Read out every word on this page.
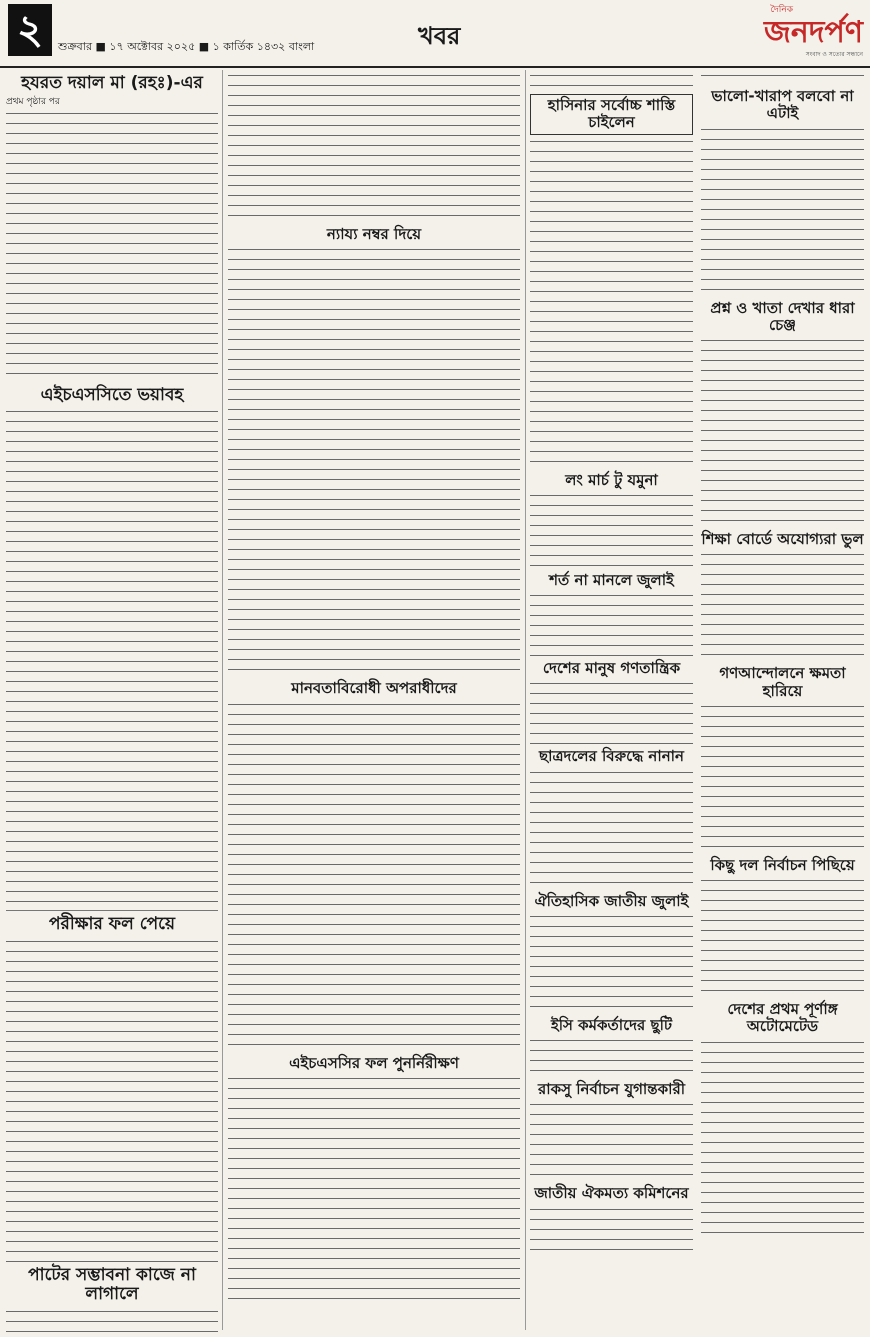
২	শুক্রবার ■ ১৭ অক্টোবর ২০২৫ ■ ১ কার্তিক ১৪৩২ বাংলা	খবর
দৈনিক
জনদর্পণ
সংবাদ ও সত্যের সন্ধানে
হযরত দয়াল মা (রহঃ)-এর
প্রথম পৃষ্ঠার পর
এইচএসসিতে ভয়াবহ
পরীক্ষার ফল পেয়ে
পাটের সম্ভাবনা কাজে না লাগালে
ন্যায্য নম্বর দিয়ে
মানবতাবিরোধী অপরাধীদের
এইচএসসির ফল পুনর্নিরীক্ষণ
হাসিনার সর্বোচ্চ শাস্তি চাইলেন
লং মার্চ টু যমুনা
শর্ত না মানলে জুলাই
দেশের মানুষ গণতান্ত্রিক
ছাত্রদলের বিরুদ্ধে নানান
ঐতিহাসিক জাতীয় জুলাই
ইসি কর্মকর্তাদের ছুটি
রাকসু নির্বাচন যুগান্তকারী
জাতীয় ঐকমত্য কমিশনের
ভালো-খারাপ বলবো না এটাই
প্রশ্ন ও খাতা দেখার ধারা চেঞ্জ
শিক্ষা বোর্ডে অযোগ্যরা ভুল
গণআন্দোলনে ক্ষমতা হারিয়ে
কিছু দল নির্বাচন পিছিয়ে
দেশের প্রথম পূর্ণাঙ্গ অটোমেটেড
